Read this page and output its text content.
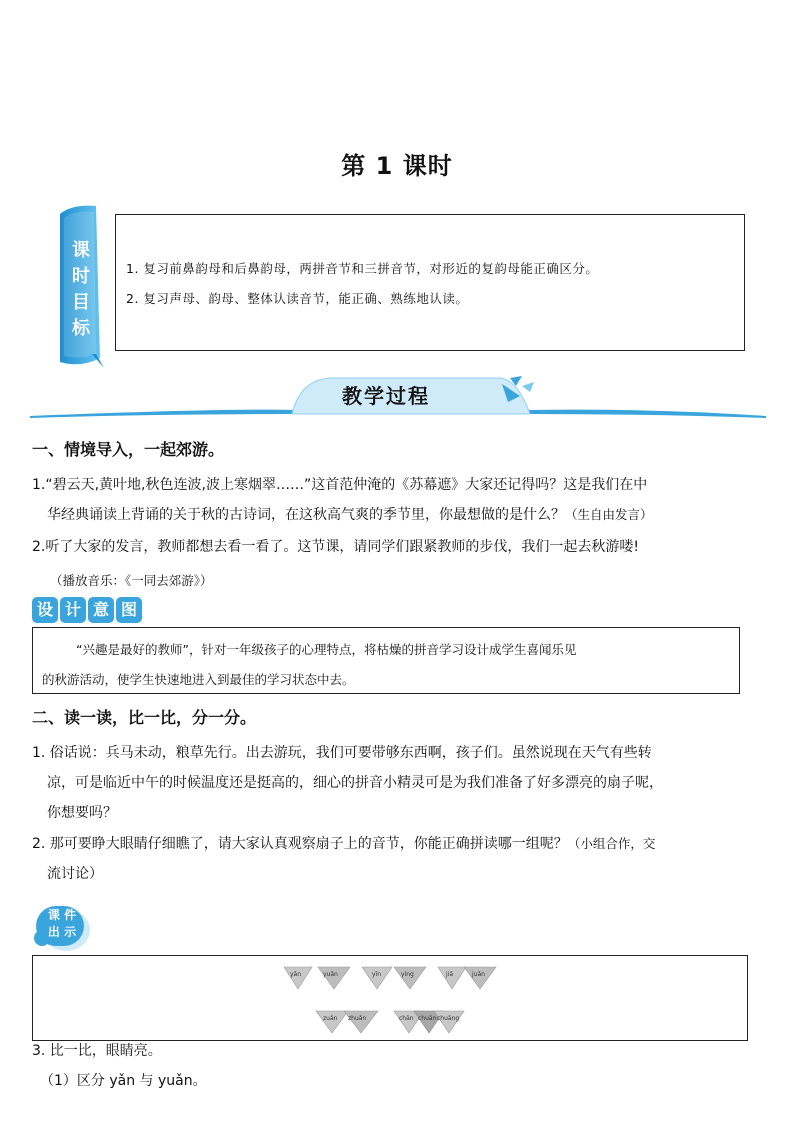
第 1 课时
课
时
目
标
1. 复习前鼻韵母和后鼻韵母，两拼音节和三拼音节，对形近的复韵母能正确区分。
2. 复习声母、韵母、整体认读音节，能正确、熟练地认读。
教学过程
一、情境导入，一起郊游。
1.“碧云天,黄叶地,秋色连波,波上寒烟翠……”这首范仲淹的《苏幕遮》大家还记得吗？这是我们在中
华经典诵读上背诵的关于秋的古诗词，在这秋高气爽的季节里，你最想做的是什么？（生自由发言）
2.听了大家的发言，教师都想去看一看了。这节课，请同学们跟紧教师的步伐，我们一起去秋游喽!
（播放音乐：《一同去郊游》）
设 计 意 图
“兴趣是最好的教师”，针对一年级孩子的心理特点，将枯燥的拼音学习设计成学生喜闻乐见
的秋游活动，使学生快速地进入到最佳的学习状态中去。
二、读一读，比一比，分一分。
1. 俗话说：兵马未动，粮草先行。出去游玩，我们可要带够东西啊，孩子们。虽然说现在天气有些转
凉，可是临近中午的时候温度还是挺高的，细心的拼音小精灵可是为我们准备了好多漂亮的扇子呢，
你想要吗？
2. 那可要睁大眼睛仔细瞧了，请大家认真观察扇子上的音节，你能正确拼读哪一组呢？（小组合作，交
流讨论）
课 件
出 示
yǎn	yuǎn	yīn	yíng	jiā	juǎn
zuǎn zhuǎn	chān chuān chuāng
3. 比一比，眼睛亮。
（1）区分 yǎn 与 yuǎn。
